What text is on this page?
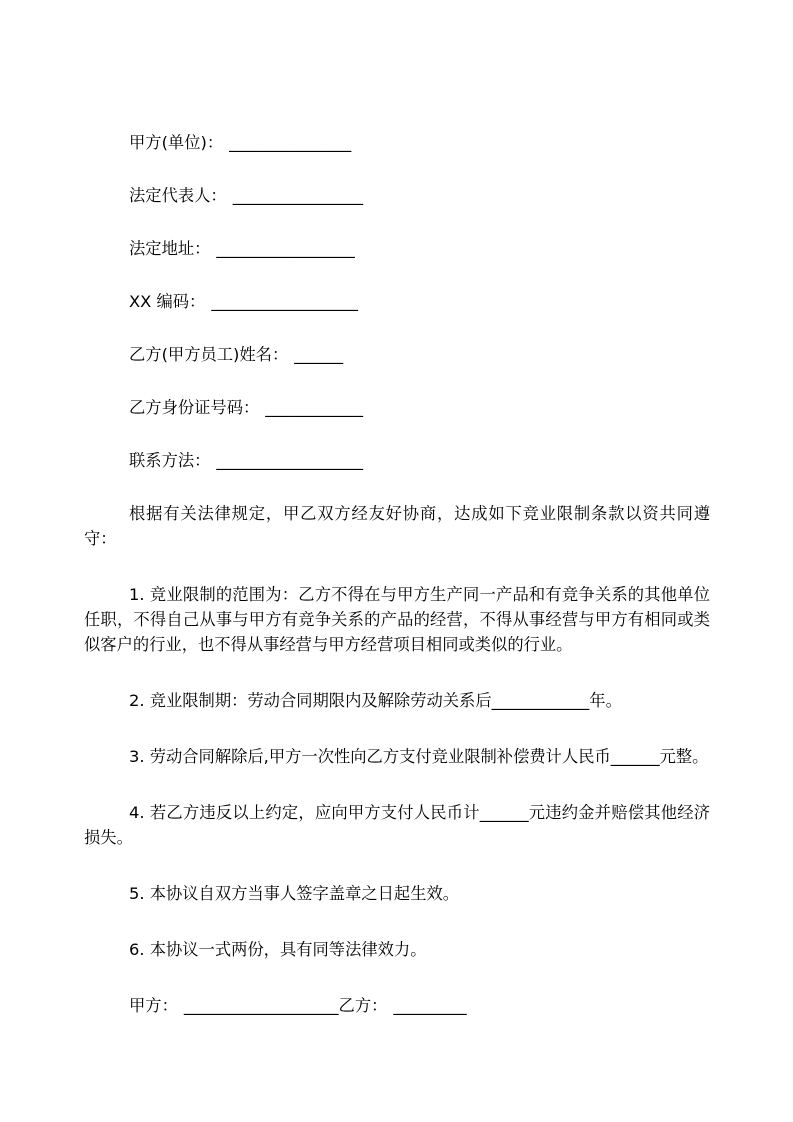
甲方(单位)： _______________

法定代表人： ________________

法定地址： _________________

XX 编码： __________________

乙方(甲方员工)姓名： ______

乙方身份证号码： ____________

联系方法： __________________

根据有关法律规定，甲乙双方经友好协商，达成如下竞业限制条款以资共同遵守：

1. 竞业限制的范围为：乙方不得在与甲方生产同一产品和有竞争关系的其他单位任职，不得自己从事与甲方有竞争关系的产品的经营，不得从事经营与甲方有相同或类似客户的行业，也不得从事经营与甲方经营项目相同或类似的行业。

2. 竞业限制期：劳动合同期限内及解除劳动关系后____________年。

3. 劳动合同解除后,甲方一次性向乙方支付竞业限制补偿费计人民币______元整。

4. 若乙方违反以上约定，应向甲方支付人民币计______元违约金并赔偿其他经济损失。

5. 本协议自双方当事人签字盖章之日起生效。

6. 本协议一式两份，具有同等法律效力。

甲方： ___________________乙方： _________
